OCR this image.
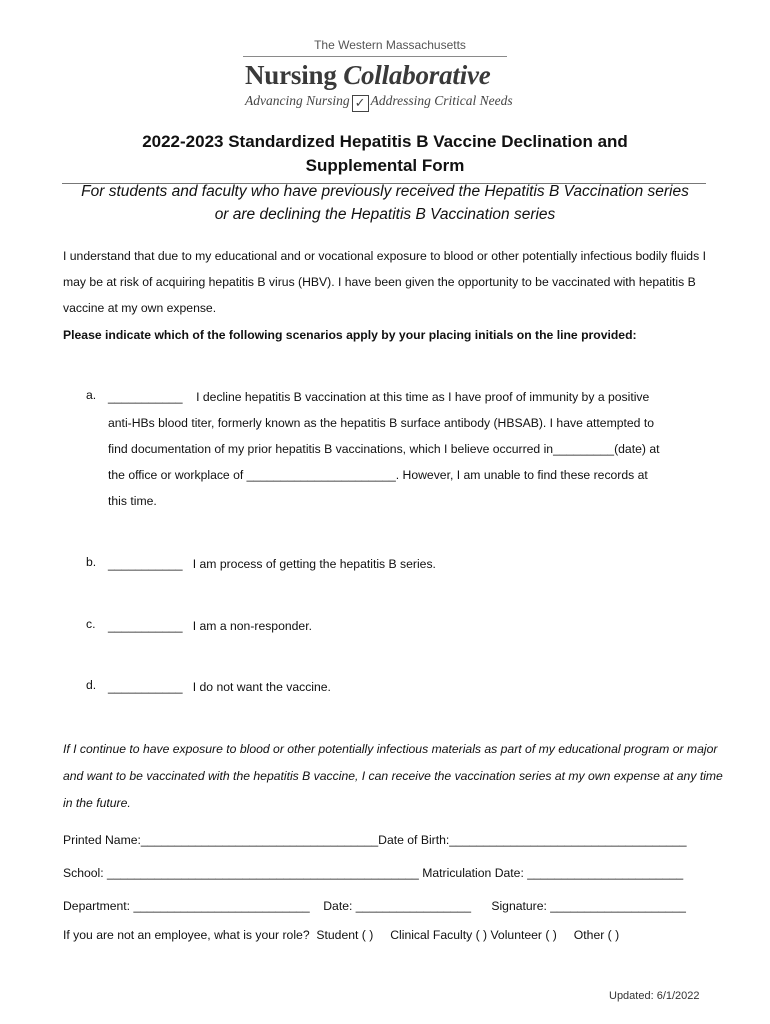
The Western Massachusetts
Nursing Collaborative
Advancing Nursing ✓ Addressing Critical Needs
2022-2023 Standardized Hepatitis B Vaccine Declination and
Supplemental Form
For students and faculty who have previously received the Hepatitis B Vaccination series
or are declining the Hepatitis B Vaccination series
I understand that due to my educational and or vocational exposure to blood or other potentially infectious bodily fluids I may be at risk of acquiring hepatitis B virus (HBV). I have been given the opportunity to be vaccinated with hepatitis B vaccine at my own expense.
Please indicate which of the following scenarios apply by your placing initials on the line provided:
a. ___________ I decline hepatitis B vaccination at this time as I have proof of immunity by a positive
anti-HBs blood titer, formerly known as the hepatitis B surface antibody (HBSAB). I have attempted to
find documentation of my prior hepatitis B vaccinations, which I believe occurred in_________(date) at
the office or workplace of ______________________. However, I am unable to find these records at
this time.
b. ___________ I am process of getting the hepatitis B series.
c. ___________ I am a non-responder.
d. ___________ I do not want the vaccine.
If I continue to have exposure to blood or other potentially infectious materials as part of my educational program or major and want to be vaccinated with the hepatitis B vaccine, I can receive the vaccination series at my own expense at any time in the future.
Printed Name:___________________________________Date of Birth:___________________________________
School: ______________________________________________ Matriculation Date: _______________________
Department: __________________________ Date: _________________ Signature: ____________________
If you are not an employee, what is your role? Student ( ) Clinical Faculty ( ) Volunteer ( ) Other ( )
Updated: 6/1/2022
